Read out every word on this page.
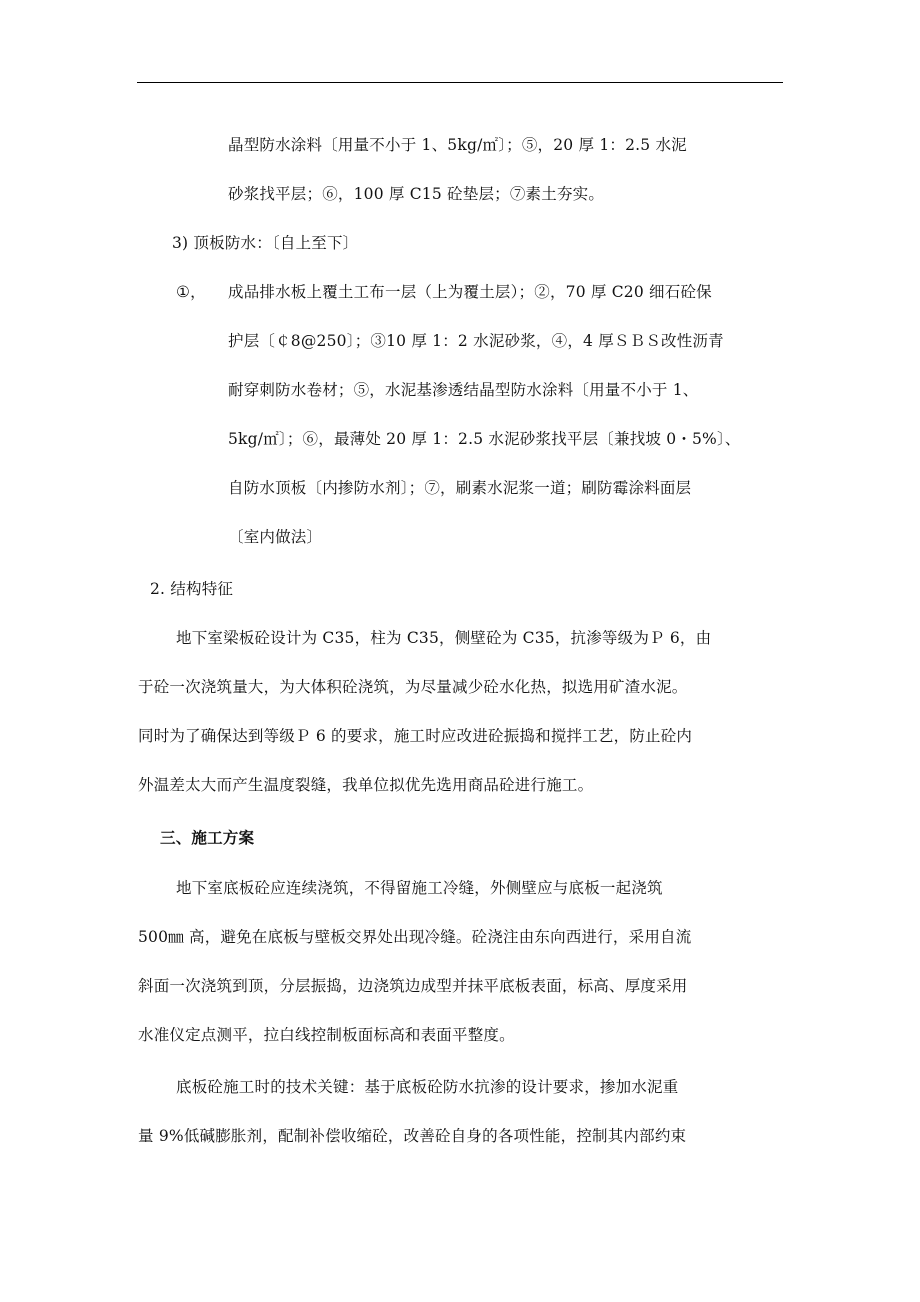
晶型防水涂料〔用量不小于 1、5kg/㎡〕；⑤，20 厚 1：2.5 水泥
砂浆找平层；⑥，100 厚 C15 砼垫层；⑦素土夯实。
3) 顶板防水：〔自上至下〕
①， 成品排水板上覆土工布一层（上为覆土层）；②，70 厚 C20 细石砼保
护层〔￠8@250〕；③10 厚 1：2 水泥砂浆，④，4 厚ＳＢＳ改性沥青
耐穿刺防水卷材；⑤，水泥基渗透结晶型防水涂料〔用量不小于 1、
5kg/㎡〕；⑥，最薄处 20 厚 1：2.5 水泥砂浆找平层〔兼找坡 0・5%〕、
自防水顶板〔内掺防水剂〕；⑦，刷素水泥浆一道；刷防霉涂料面层
〔室内做法〕
2. 结构特征
地下室梁板砼设计为 C35，柱为 C35，侧壁砼为 C35，抗渗等级为Ｐ 6，由
于砼一次浇筑量大，为大体积砼浇筑，为尽量减少砼水化热，拟选用矿渣水泥。
同时为了确保达到等级Ｐ 6 的要求，施工时应改进砼振捣和搅拌工艺，防止砼内
外温差太大而产生温度裂缝，我单位拟优先选用商品砼进行施工。
三、施工方案
地下室底板砼应连续浇筑，不得留施工冷缝，外侧壁应与底板一起浇筑
500㎜ 高，避免在底板与壁板交界处出现冷缝。砼浇注由东向西进行，采用自流
斜面一次浇筑到顶，分层振捣，边浇筑边成型并抹平底板表面，标高、厚度采用
水准仪定点测平，拉白线控制板面标高和表面平整度。
底板砼施工时的技术关键：基于底板砼防水抗渗的设计要求，掺加水泥重
量 9%低碱膨胀剂，配制补偿收缩砼，改善砼自身的各项性能，控制其内部约束
